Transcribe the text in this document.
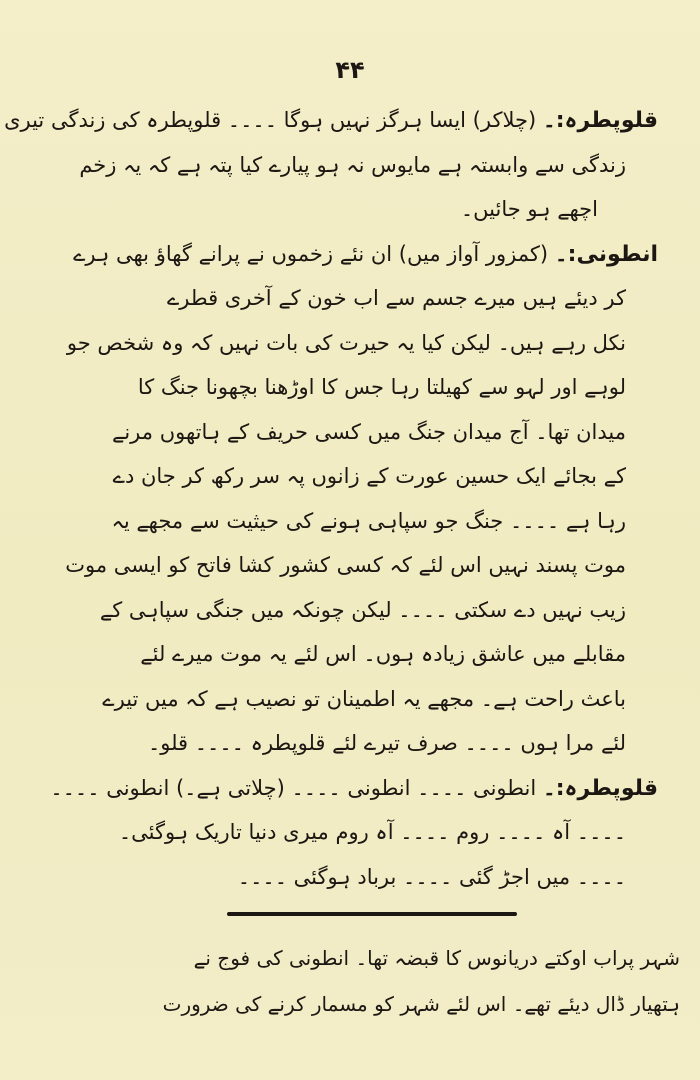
۴۴
قلوپطرہ:۔ (چلاکر) ایسا ہرگز نہیں ہوگا ۔۔۔۔ قلوپطرہ کی زندگی تیری
زندگی سے وابستہ ہے مایوس نہ ہو پیارے کیا پتہ ہے کہ یہ زخم
اچھے ہو جائیں۔
انطونی:۔ (کمزور آواز میں) ان نئے زخموں نے پرانے گھاؤ بھی ہرے
کر دیئے ہیں میرے جسم سے اب خون کے آخری قطرے
نکل رہے ہیں۔ لیکن کیا یہ حیرت کی بات نہیں کہ وہ شخص جو
لوہے اور لہو سے کھیلتا رہا جس کا اوڑھنا بچھونا جنگ کا
میدان تھا۔ آج میدان جنگ میں کسی حریف کے ہاتھوں مرنے
کے بجائے ایک حسین عورت کے زانوں پہ سر رکھ کر جان دے
رہا ہے ۔۔۔۔ جنگ جو سپاہی ہونے کی حیثیت سے مجھے یہ
موت پسند نہیں اس لئے کہ کسی کشور کشا فاتح کو ایسی موت
زیب نہیں دے سکتی ۔۔۔۔ لیکن چونکہ میں جنگی سپاہی کے
مقابلے میں عاشق زیادہ ہوں۔ اس لئے یہ موت میرے لئے
باعث راحت ہے۔ مجھے یہ اطمینان تو نصیب ہے کہ میں تیرے
لئے مرا ہوں ۔۔۔۔ صرف تیرے لئے قلوپطرہ ۔۔۔۔ قلو۔
قلوپطرہ:۔ انطونی ۔۔۔۔ انطونی ۔۔۔۔ (چلاتی ہے۔) انطونی ۔۔۔۔
۔۔۔۔ آہ ۔۔۔۔ روم ۔۔۔۔ آہ روم میری دنیا تاریک ہوگئی۔
۔۔۔۔ میں اجڑ گئی ۔۔۔۔ برباد ہوگئی ۔۔۔۔
شہر پراب اوکتے دریانوس کا قبضہ تھا۔ انطونی کی فوج نے
ہتھیار ڈال دیئے تھے۔ اس لئے شہر کو مسمار کرنے کی ضرورت
